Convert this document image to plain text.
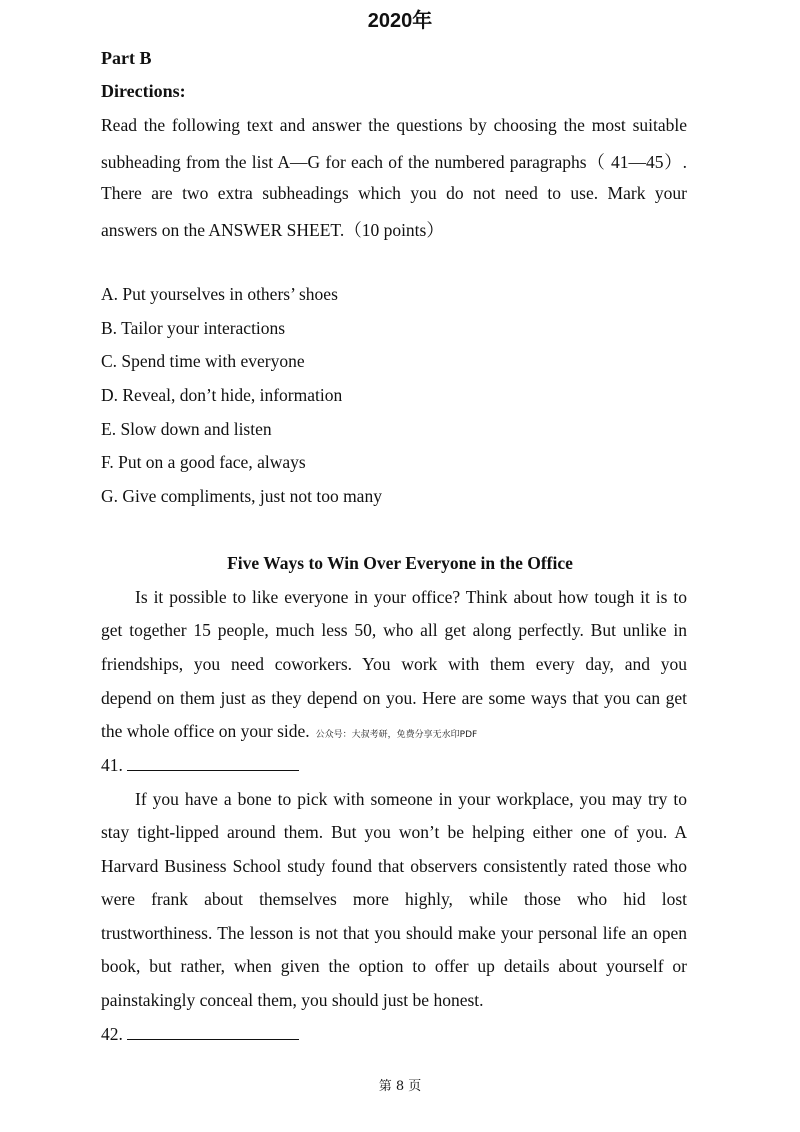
2020年
Part B
Directions:
Read the following text and answer the questions by choosing the most suitable
subheading from the list A—G for each of the numbered paragraphs（ 41—45）.
There are two extra subheadings which you do not need to use. Mark your
answers on the ANSWER SHEET.（10 points）
A. Put yourselves in others’ shoes
B. Tailor your interactions
C. Spend time with everyone
D. Reveal, don’t hide, information
E. Slow down and listen
F. Put on a good face, always
G. Give compliments, just not too many
Five Ways to Win Over Everyone in the Office
Is it possible to like everyone in your office? Think about how tough it is to
get together 15 people, much less 50, who all get along perfectly. But unlike in
friendships, you need coworkers. You work with them every day, and you
depend on them just as they depend on you. Here are some ways that you can get
the whole office on your side. 公众号：大叔考研，免费分享无水印PDF
41.
If you have a bone to pick with someone in your workplace, you may try to
stay tight-lipped around them. But you won’t be helping either one of you. A
Harvard Business School study found that observers consistently rated those who
were frank about themselves more highly, while those who hid lost
trustworthiness. The lesson is not that you should make your personal life an open
book, but rather, when given the option to offer up details about yourself or
painstakingly conceal them, you should just be honest.
42.
第 8 页
